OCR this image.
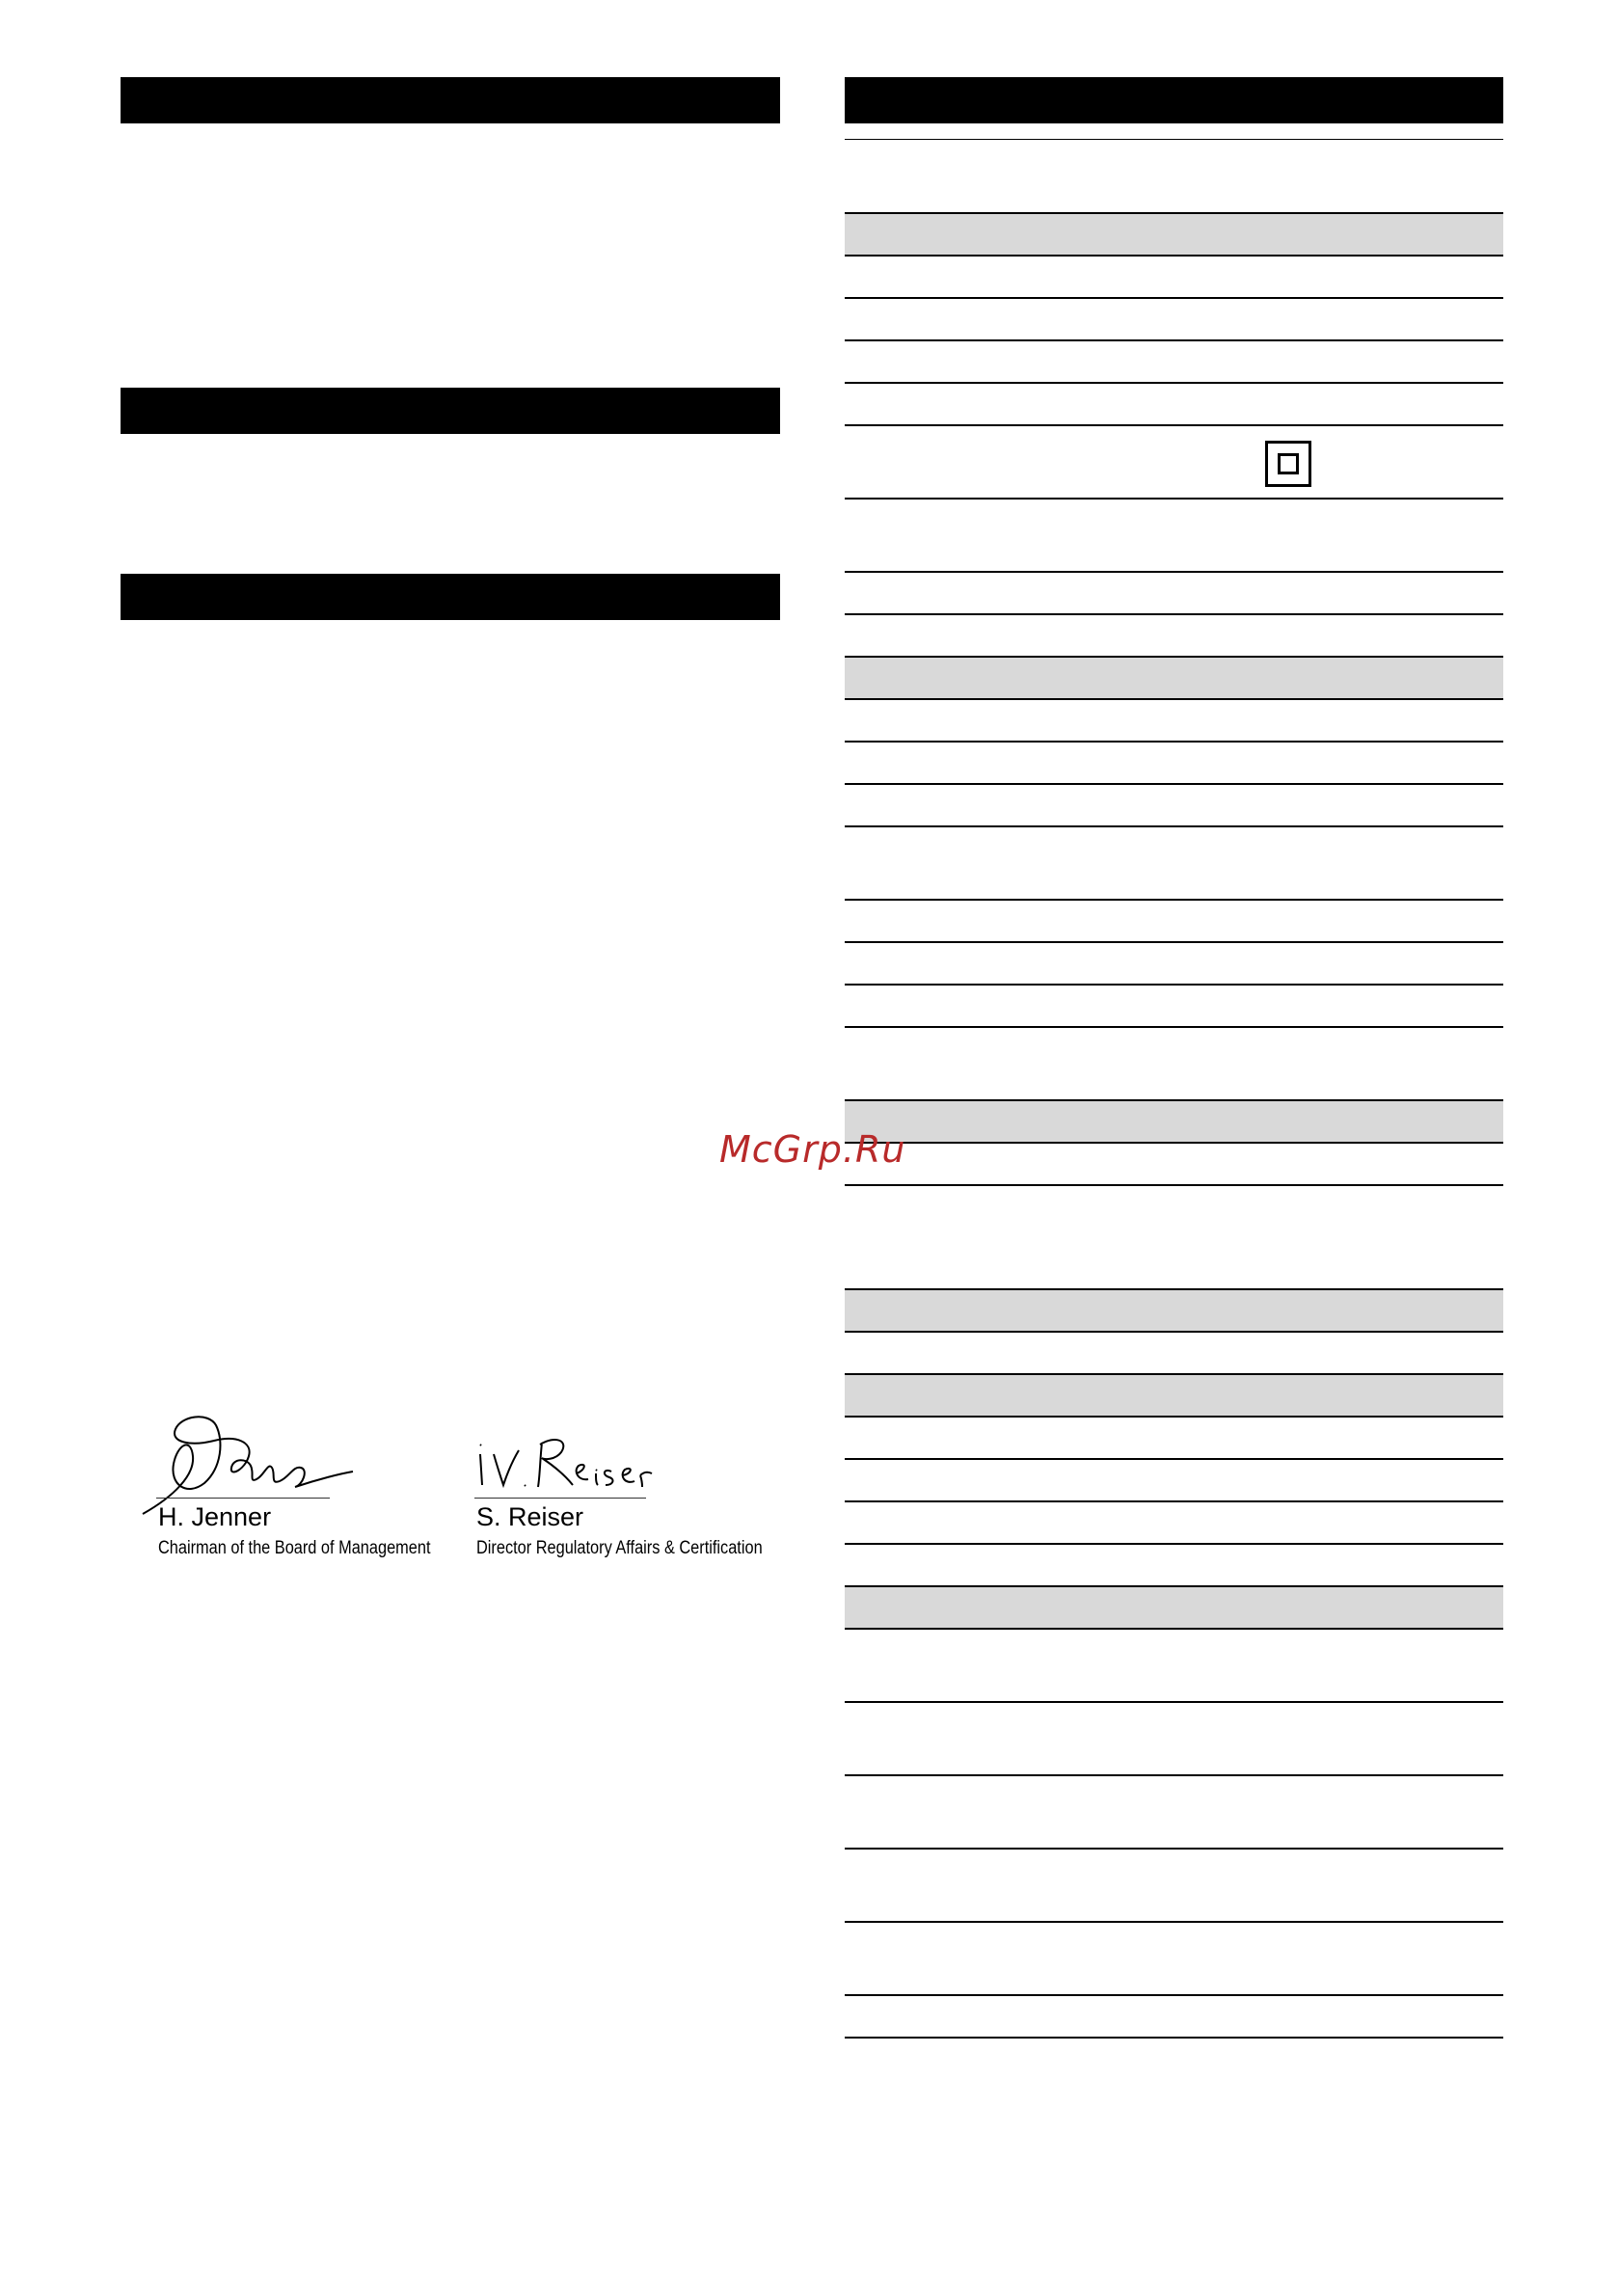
McGrp.Ru
H. Jenner
Chairman of the Board of Management
S. Reiser
Director Regulatory Affairs & Certification
